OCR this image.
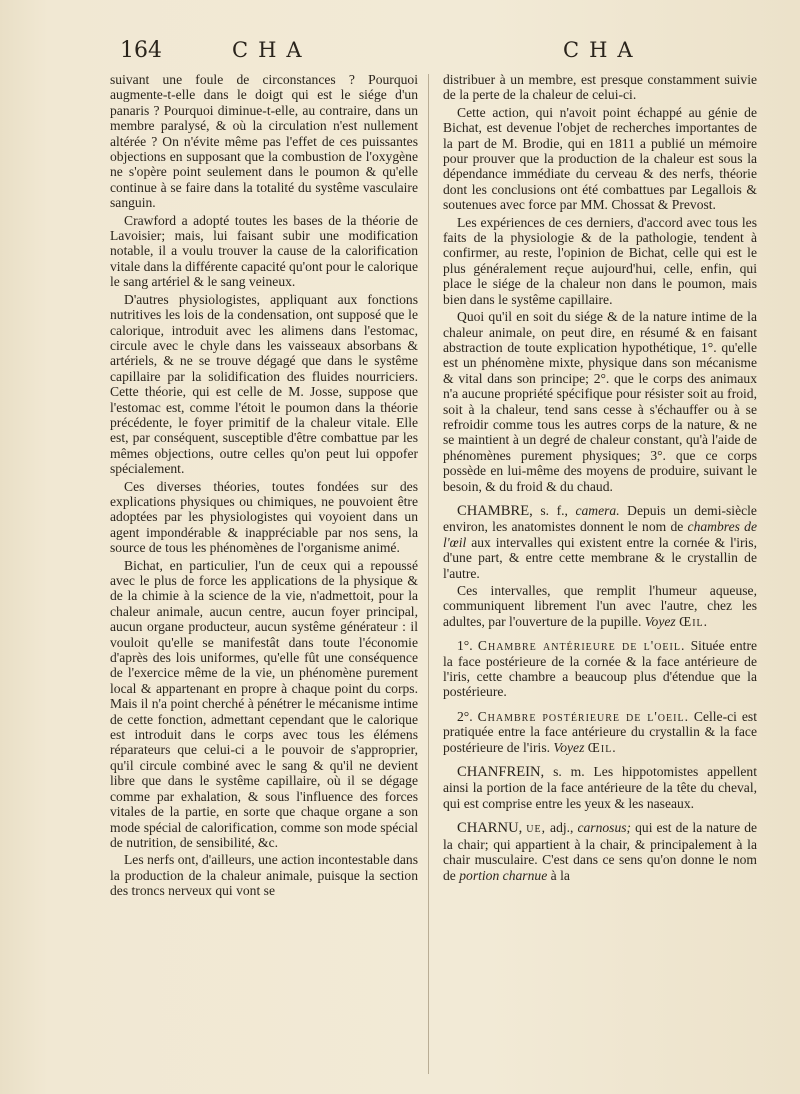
164	CHA	CHA

suivant une foule de circonstances ? Pourquoi augmente-t-elle dans le doigt qui est le siége d'un panaris ? Pourquoi diminue-t-elle, au contraire, dans un membre paralysé, & où la circulation n'est nullement altérée ? On n'évite même pas l'effet de ces puissantes objections en supposant que la combustion de l'oxygène ne s'opère point seulement dans le poumon & qu'elle continue à se faire dans la totalité du systême vasculaire sanguin.

Crawford a adopté toutes les bases de la théorie de Lavoisier; mais, lui faisant subir une modification notable, il a voulu trouver la cause de la calorification vitale dans la différente capacité qu'ont pour le calorique le sang artériel & le sang veineux.

D'autres physiologistes, appliquant aux fonctions nutritives les lois de la condensation, ont supposé que le calorique, introduit avec les alimens dans l'estomac, circule avec le chyle dans les vaisseaux absorbans & artériels, & ne se trouve dégagé que dans le systême capillaire par la solidification des fluides nourriciers. Cette théorie, qui est celle de M. Josse, suppose que l'estomac est, comme l'étoit le poumon dans la théorie précédente, le foyer primitif de la chaleur vitale. Elle est, par conséquent, susceptible d'être combattue par les mêmes objections, outre celles qu'on peut lui oppofer spécialement.

Ces diverses théories, toutes fondées sur des explications physiques ou chimiques, ne pouvoient être adoptées par les physiologistes qui voyoient dans un agent impondérable & inappréciable par nos sens, la source de tous les phénomènes de l'organisme animé.

Bichat, en particulier, l'un de ceux qui a repoussé avec le plus de force les applications de la physique & de la chimie à la science de la vie, n'admettoit, pour la chaleur animale, aucun centre, aucun foyer principal, aucun organe producteur, aucun systême générateur : il vouloit qu'elle se manifestât dans toute l'économie d'après des lois uniformes, qu'elle fût une conséquence de l'exercice même de la vie, un phénomène purement local & appartenant en propre à chaque point du corps. Mais il n'a point cherché à pénétrer le mécanisme intime de cette fonction, admettant cependant que le calorique est introduit dans le corps avec tous les élémens réparateurs que celui-ci a le pouvoir de s'approprier, qu'il circule combiné avec le sang & qu'il ne devient libre que dans le systême capillaire, où il se dégage comme par exhalation, & sous l'influence des forces vitales de la partie, en sorte que chaque organe a son mode spécial de calorification, comme son mode spécial de nutrition, de sensibilité, &c.

Les nerfs ont, d'ailleurs, une action incontestable dans la production de la chaleur animale, puisque la section des troncs nerveux qui vont se

distribuer à un membre, est presque constamment suivie de la perte de la chaleur de celui-ci.

Cette action, qui n'avoit point échappé au génie de Bichat, est devenue l'objet de recherches importantes de la part de M. Brodie, qui en 1811 a publié un mémoire pour prouver que la production de la chaleur est sous la dépendance immédiate du cerveau & des nerfs, théorie dont les conclusions ont été combattues par Legallois & soutenues avec force par MM. Chossat & Prevost.

Les expériences de ces derniers, d'accord avec tous les faits de la physiologie & de la pathologie, tendent à confirmer, au reste, l'opinion de Bichat, celle qui est le plus généralement reçue aujourd'hui, celle, enfin, qui place le siége de la chaleur non dans le poumon, mais bien dans le systême capillaire.

Quoi qu'il en soit du siége & de la nature intime de la chaleur animale, on peut dire, en résumé & en faisant abstraction de toute explication hypothétique, 1°. qu'elle est un phénomène mixte, physique dans son mécanisme & vital dans son principe; 2°. que le corps des animaux n'a aucune propriété spécifique pour résister soit au froid, soit à la chaleur, tend sans cesse à s'échauffer ou à se refroidir comme tous les autres corps de la nature, & ne se maintient à un degré de chaleur constant, qu'à l'aide de phénomènes purement physiques; 3°. que ce corps possède en lui-même des moyens de produire, suivant le besoin, & du froid & du chaud.

CHAMBRE, s. f., camera. Depuis un demi-siècle environ, les anatomistes donnent le nom de chambres de l'œil aux intervalles qui existent entre la cornée & l'iris, d'une part, & entre cette membrane & le crystallin de l'autre.

Ces intervalles, que remplit l'humeur aqueuse, communiquent librement l'un avec l'autre, chez les adultes, par l'ouverture de la pupille. Voyez Œil.

1°. Chambre antérieure de l'oeil. Située entre la face postérieure de la cornée & la face antérieure de l'iris, cette chambre a beaucoup plus d'étendue que la postérieure.

2°. Chambre postérieure de l'oeil. Celle-ci est pratiquée entre la face antérieure du crystallin & la face postérieure de l'iris. Voyez Œil.

CHANFREIN, s. m. Les hippotomistes appellent ainsi la portion de la face antérieure de la tête du cheval, qui est comprise entre les yeux & les naseaux.

CHARNU, ue, adj., carnosus; qui est de la nature de la chair; qui appartient à la chair, & principalement à la chair musculaire. C'est dans ce sens qu'on donne le nom de portion charnue à la
